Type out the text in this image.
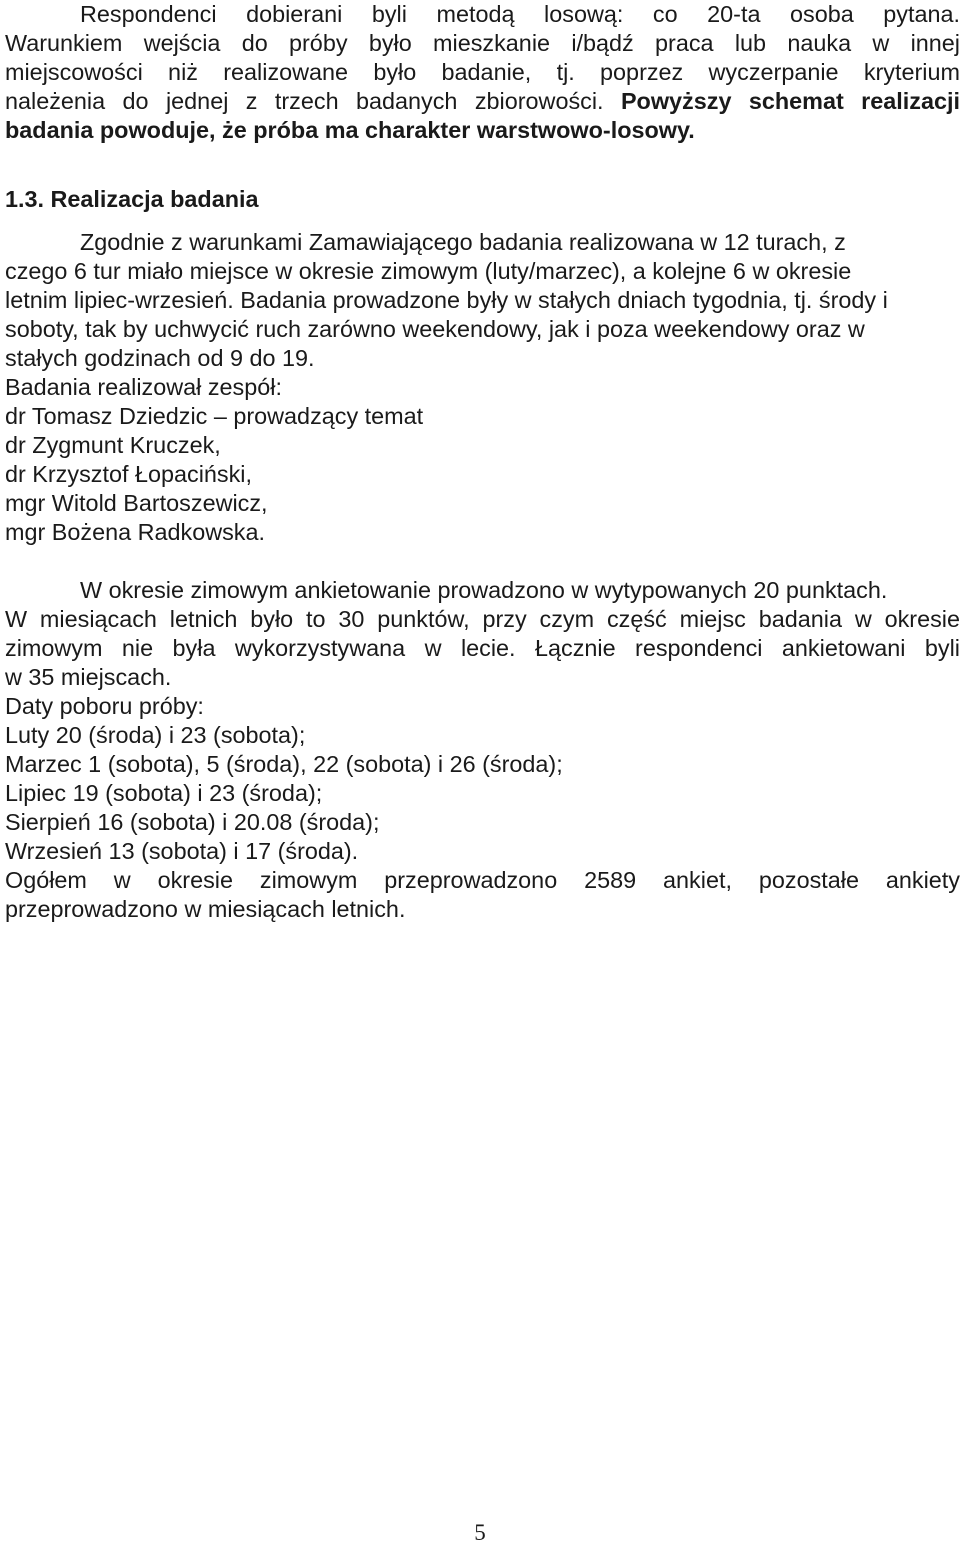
Respondenci dobierani byli metodą losową: co 20-ta osoba pytana.
Warunkiem wejścia do próby było mieszkanie i/bądź praca lub nauka w innej
miejscowości niż realizowane było badanie, tj. poprzez wyczerpanie kryterium
należenia do jednej z trzech badanych zbiorowości. Powyższy schemat realizacji
badania powoduje, że próba ma charakter warstwowo-losowy.
1.3. Realizacja badania
Zgodnie z warunkami Zamawiającego badania realizowana w 12 turach, z
czego 6 tur miało miejsce w okresie zimowym (luty/marzec), a kolejne 6 w okresie
letnim lipiec-wrzesień. Badania prowadzone były w stałych dniach tygodnia, tj. środy i
soboty, tak by uchwycić ruch zarówno weekendowy, jak i poza weekendowy oraz w
stałych godzinach od 9 do 19.
Badania realizował zespół:
dr Tomasz Dziedzic – prowadzący temat
dr Zygmunt Kruczek,
dr Krzysztof Łopaciński,
mgr Witold Bartoszewicz,
mgr Bożena Radkowska.
W okresie zimowym ankietowanie prowadzono w wytypowanych 20 punktach.
W miesiącach letnich było to 30 punktów, przy czym część miejsc badania w okresie
zimowym nie była wykorzystywana w lecie. Łącznie respondenci ankietowani byli
w 35 miejscach.
Daty poboru próby:
Luty 20 (środa) i 23 (sobota);
Marzec 1 (sobota), 5 (środa), 22 (sobota) i 26 (środa);
Lipiec 19 (sobota) i 23 (środa);
Sierpień 16 (sobota) i 20.08 (środa);
Wrzesień 13 (sobota) i 17 (środa).
Ogółem w okresie zimowym przeprowadzono 2589 ankiet, pozostałe ankiety
przeprowadzono w miesiącach letnich.
5
